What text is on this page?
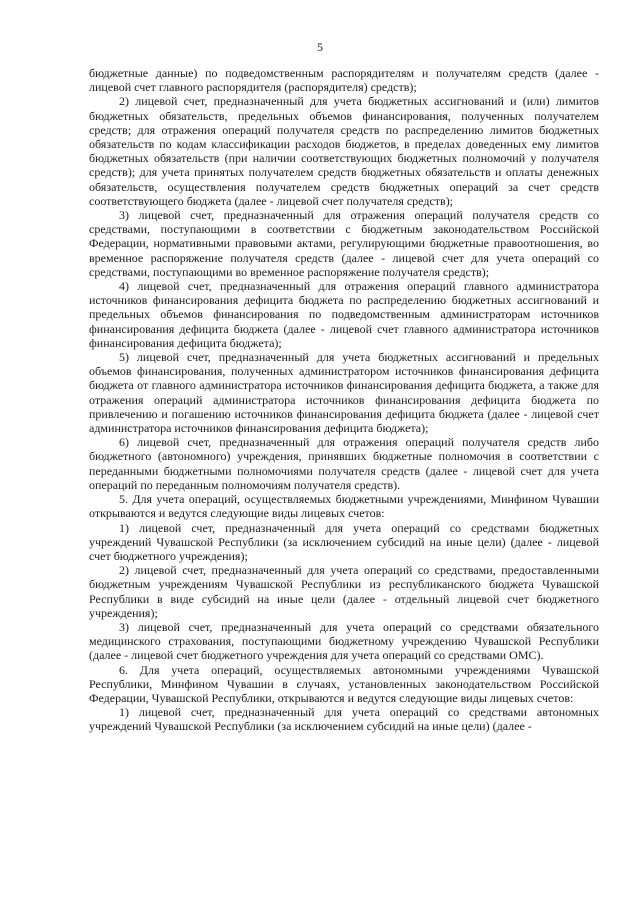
5

бюджетные данные) по подведомственным распорядителям и получателям средств (далее - лицевой счет главного распорядителя (распорядителя) средств);

2) лицевой счет, предназначенный для учета бюджетных ассигнований и (или) лимитов бюджетных обязательств, предельных объемов финансирования, полученных получателем средств; для отражения операций получателя средств по распределению лимитов бюджетных обязательств по кодам классификации расходов бюджетов, в пределах доведенных ему лимитов бюджетных обязательств (при наличии соответствующих бюджетных полномочий у получателя средств); для учета принятых получателем средств бюджетных обязательств и оплаты денежных обязательств, осуществления получателем средств бюджетных операций за счет средств соответствующего бюджета (далее - лицевой счет получателя средств);

3) лицевой счет, предназначенный для отражения операций получателя средств со средствами, поступающими в соответствии с бюджетным законодательством Российской Федерации, нормативными правовыми актами, регулирующими бюджетные правоотношения, во временное распоряжение получателя средств (далее - лицевой счет для учета операций со средствами, поступающими во временное распоряжение получателя средств);

4) лицевой счет, предназначенный для отражения операций главного администратора источников финансирования дефицита бюджета по распределению бюджетных ассигнований и предельных объемов финансирования по подведомственным администраторам источников финансирования дефицита бюджета (далее - лицевой счет главного администратора источников финансирования дефицита бюджета);

5) лицевой счет, предназначенный для учета бюджетных ассигнований и предельных объемов финансирования, полученных администратором источников финансирования дефицита бюджета от главного администратора источников финансирования дефицита бюджета, а также для отражения операций администратора источников финансирования дефицита бюджета по привлечению и погашению источников финансирования дефицита бюджета (далее - лицевой счет администратора источников финансирования дефицита бюджета);

6) лицевой счет, предназначенный для отражения операций получателя средств либо бюджетного (автономного) учреждения, принявших бюджетные полномочия в соответствии с переданными бюджетными полномочиями получателя средств (далее - лицевой счет для учета операций по переданным полномочиям получателя средств).

5. Для учета операций, осуществляемых бюджетными учреждениями, Минфином Чувашии открываются и ведутся следующие виды лицевых счетов:

1) лицевой счет, предназначенный для учета операций со средствами бюджетных учреждений Чувашской Республики (за исключением субсидий на иные цели) (далее - лицевой счет бюджетного учреждения);

2) лицевой счет, предназначенный для учета операций со средствами, предоставленными бюджетным учреждениям Чувашской Республики из республиканского бюджета Чувашской Республики в виде субсидий на иные цели (далее - отдельный лицевой счет бюджетного учреждения);

3) лицевой счет, предназначенный для учета операций со средствами обязательного медицинского страхования, поступающими бюджетному учреждению Чувашской Республики (далее - лицевой счет бюджетного учреждения для учета операций со средствами ОМС).

6. Для учета операций, осуществляемых автономными учреждениями Чувашской Республики, Минфином Чувашии в случаях, установленных законодательством Российской Федерации, Чувашской Республики, открываются и ведутся следующие виды лицевых счетов:

1) лицевой счет, предназначенный для учета операций со средствами автономных учреждений Чувашской Республики (за исключением субсидий на иные цели) (далее -
